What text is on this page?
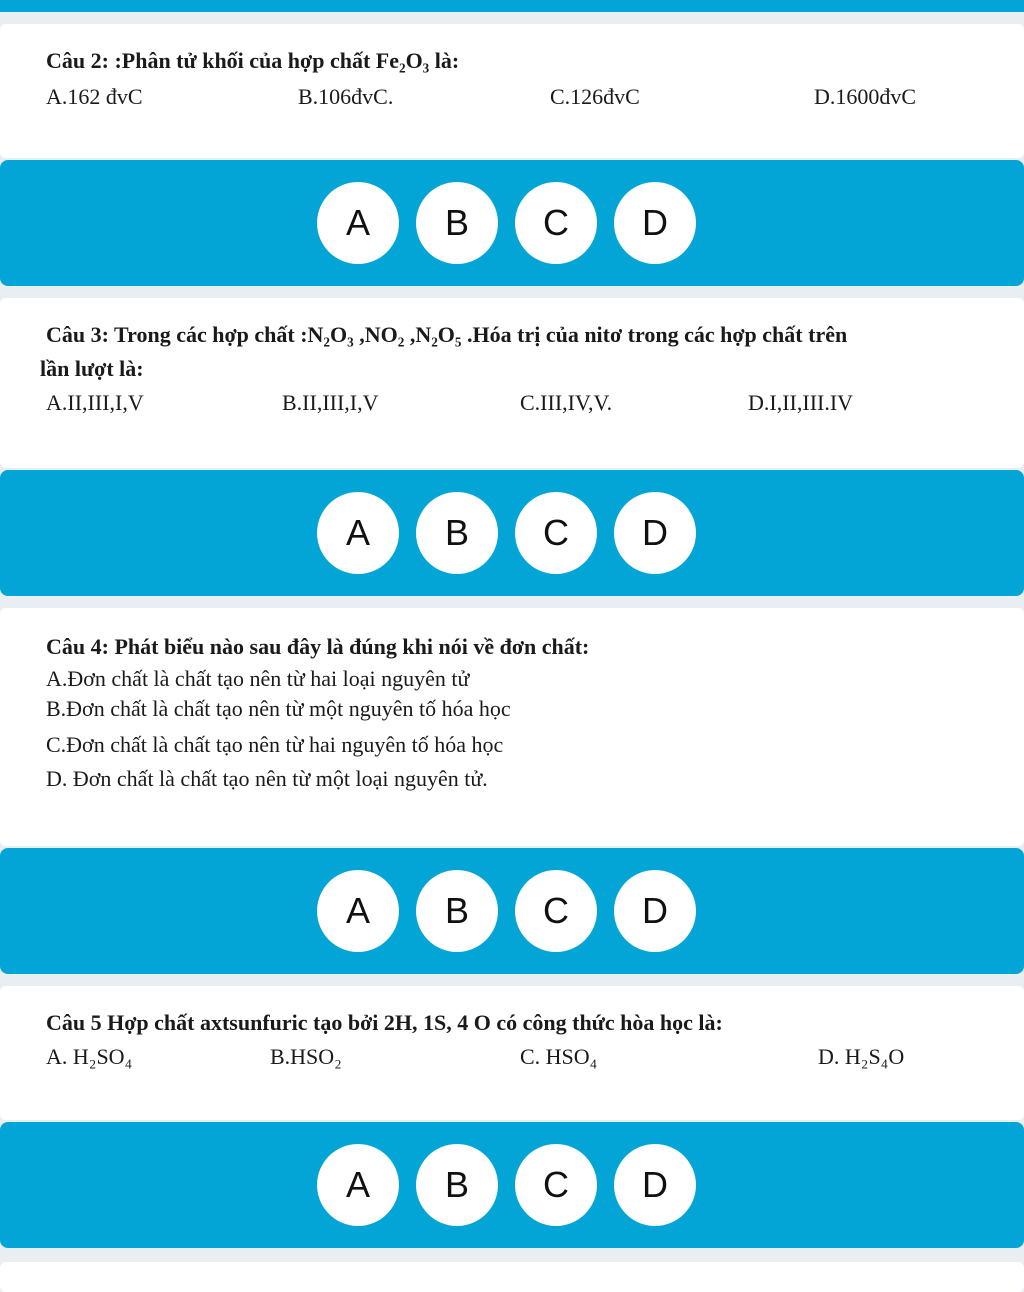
Câu 2: :Phân tử khối của hợp chất Fe₂O₃ là:
A.162 đvC	B.106đvC.	C.126đvC	D.1600đvC
A	B	C	D
Câu 3: Trong các hợp chất :N₂O₃ ,NO₂ ,N₂O₅ .Hóa trị của nitơ trong các hợp chất trên
lần lượt là:
A.II,III,I,V	B.II,III,I,V	C.III,IV,V.	D.I,II,III.IV
A	B	C	D
Câu 4: Phát biểu nào sau đây là đúng khi nói về đơn chất:
A.Đơn chất là chất tạo nên từ hai loại nguyên tử
B.Đơn chất là chất tạo nên từ một nguyên tố hóa học
C.Đơn chất là chất tạo nên từ hai nguyên tố hóa học
D. Đơn chất là chất tạo nên từ một loại nguyên tử.
A	B	C	D
Câu 5 Hợp chất axtsunfuric tạo bởi 2H, 1S, 4 O có công thức hòa học là:
A. H₂SO₄	B.HSO₂	C. HSO₄	D. H₂S₄O
A	B	C	D
